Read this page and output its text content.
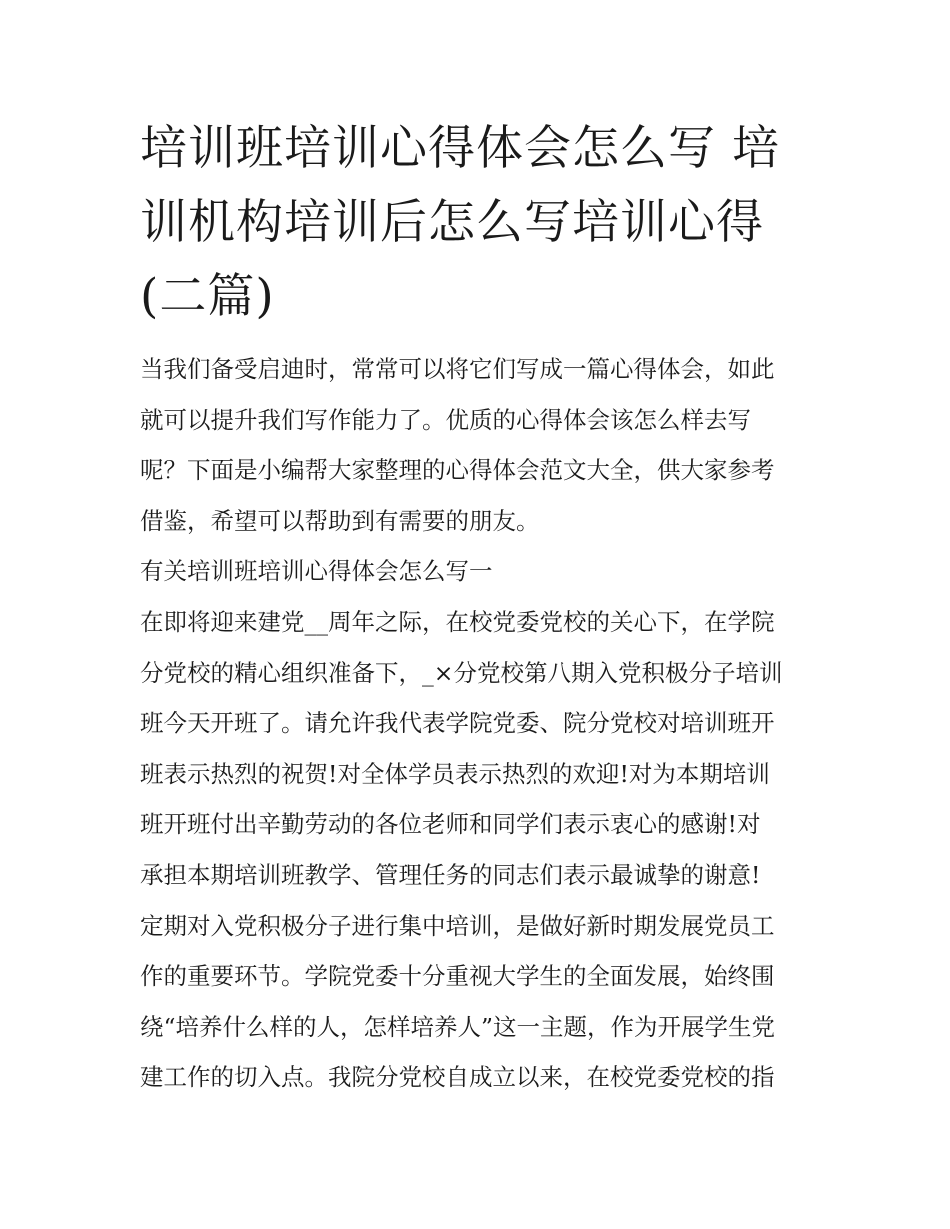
培训班培训心得体会怎么写 培
训机构培训后怎么写培训心得
(二篇)
当我们备受启迪时，常常可以将它们写成一篇心得体会，如此
就可以提升我们写作能力了。优质的心得体会该怎么样去写
呢？下面是小编帮大家整理的心得体会范文大全，供大家参考
借鉴，希望可以帮助到有需要的朋友。
有关培训班培训心得体会怎么写一
在即将迎来建党__周年之际，在校党委党校的关心下，在学院
分党校的精心组织准备下，_×分党校第八期入党积极分子培训
班今天开班了。请允许我代表学院党委、院分党校对培训班开
班表示热烈的祝贺!对全体学员表示热烈的欢迎!对为本期培训
班开班付出辛勤劳动的各位老师和同学们表示衷心的感谢!对
承担本期培训班教学、管理任务的同志们表示最诚挚的谢意!
定期对入党积极分子进行集中培训，是做好新时期发展党员工
作的重要环节。学院党委十分重视大学生的全面发展，始终围
绕“培养什么样的人，怎样培养人”这一主题，作为开展学生党
建工作的切入点。我院分党校自成立以来，在校党委党校的指
